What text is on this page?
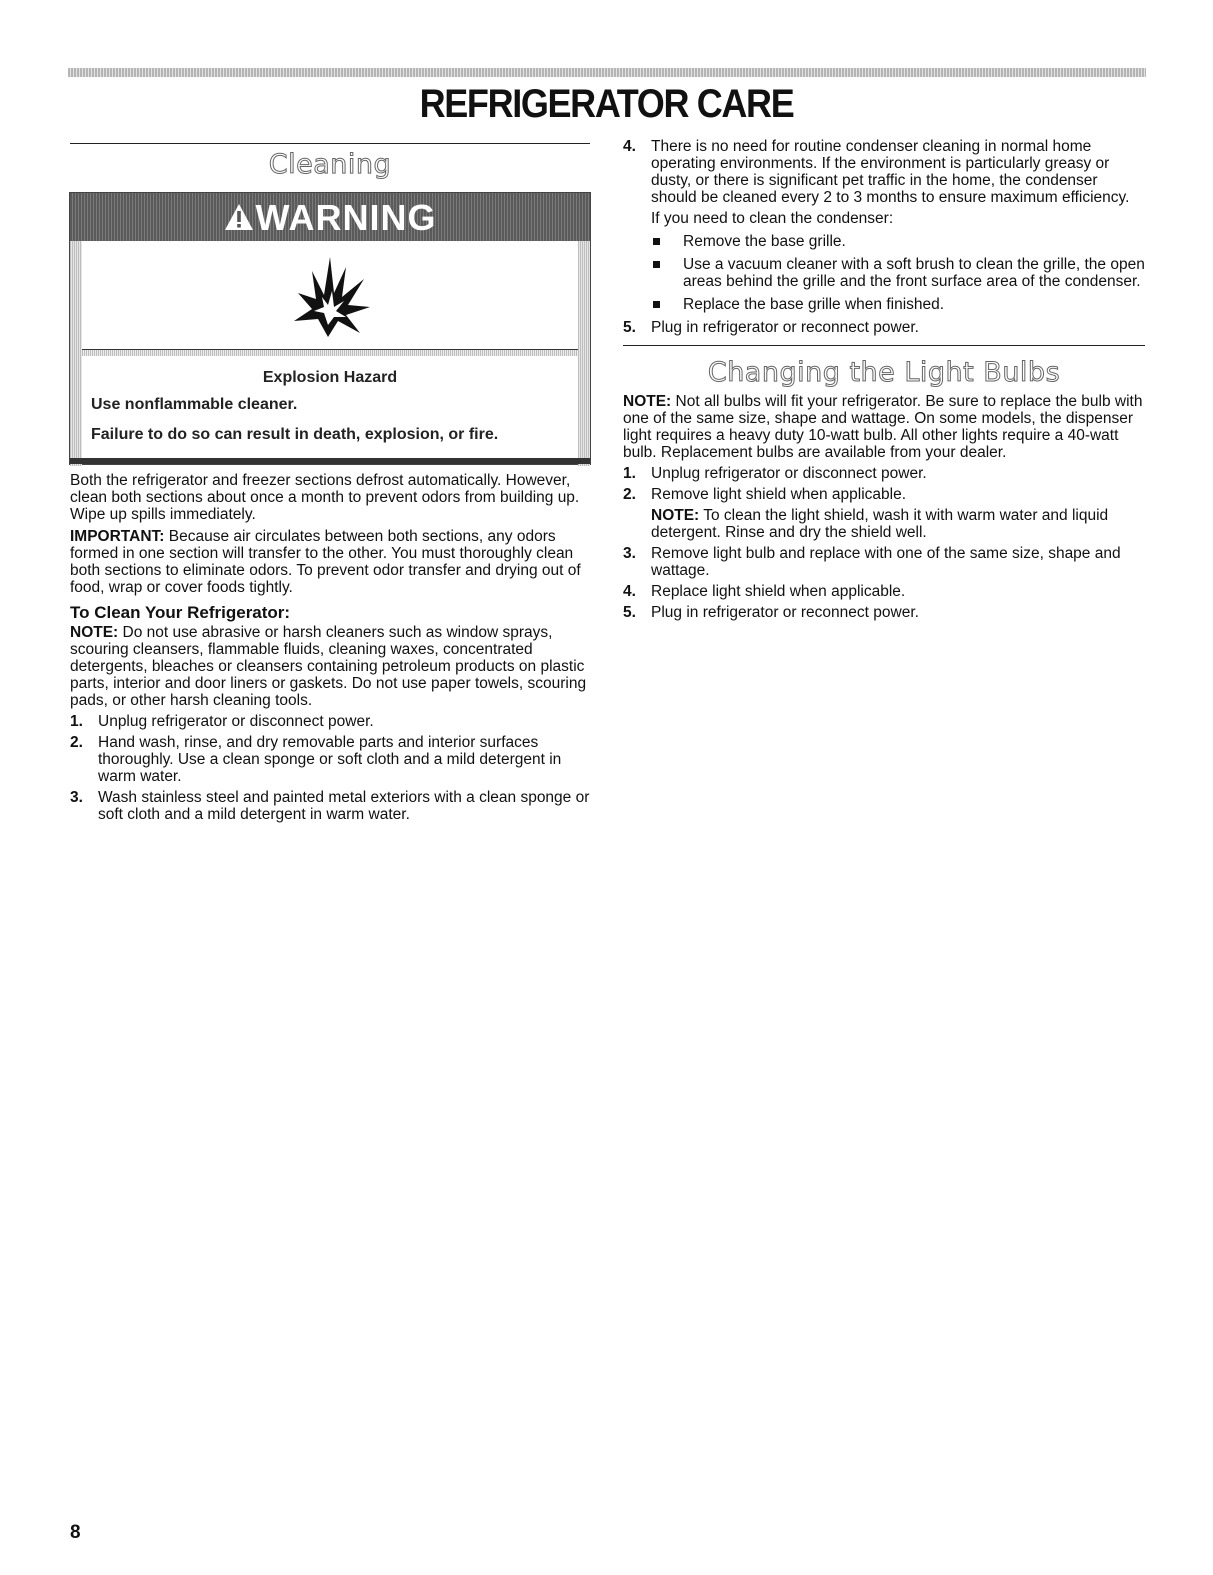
REFRIGERATOR CARE
Cleaning
WARNING
Explosion Hazard
Use nonflammable cleaner.
Failure to do so can result in death, explosion, or fire.

Both the refrigerator and freezer sections defrost automatically. However, clean both sections about once a month to prevent odors from building up. Wipe up spills immediately.

IMPORTANT: Because air circulates between both sections, any odors formed in one section will transfer to the other. You must thoroughly clean both sections to eliminate odors. To prevent odor transfer and drying out of food, wrap or cover foods tightly.

To Clean Your Refrigerator:

NOTE: Do not use abrasive or harsh cleaners such as window sprays, scouring cleansers, flammable fluids, cleaning waxes, concentrated detergents, bleaches or cleansers containing petroleum products on plastic parts, interior and door liners or gaskets. Do not use paper towels, scouring pads, or other harsh cleaning tools.

1. Unplug refrigerator or disconnect power.
2. Hand wash, rinse, and dry removable parts and interior surfaces thoroughly. Use a clean sponge or soft cloth and a mild detergent in warm water.
3. Wash stainless steel and painted metal exteriors with a clean sponge or soft cloth and a mild detergent in warm water.
4. There is no need for routine condenser cleaning in normal home operating environments. If the environment is particularly greasy or dusty, or there is significant pet traffic in the home, the condenser should be cleaned every 2 to 3 months to ensure maximum efficiency.

If you need to clean the condenser:

Remove the base grille.
Use a vacuum cleaner with a soft brush to clean the grille, the open areas behind the grille and the front surface area of the condenser.
Replace the base grille when finished.
5. Plug in refrigerator or reconnect power.
Changing the Light Bulbs

NOTE: Not all bulbs will fit your refrigerator. Be sure to replace the bulb with one of the same size, shape and wattage. On some models, the dispenser light requires a heavy duty 10-watt bulb. All other lights require a 40-watt bulb. Replacement bulbs are available from your dealer.

1. Unplug refrigerator or disconnect power.
2. Remove light shield when applicable.

NOTE: To clean the light shield, wash it with warm water and liquid detergent. Rinse and dry the shield well.

3. Remove light bulb and replace with one of the same size, shape and wattage.
4. Replace light shield when applicable.
5. Plug in refrigerator or reconnect power.
8
